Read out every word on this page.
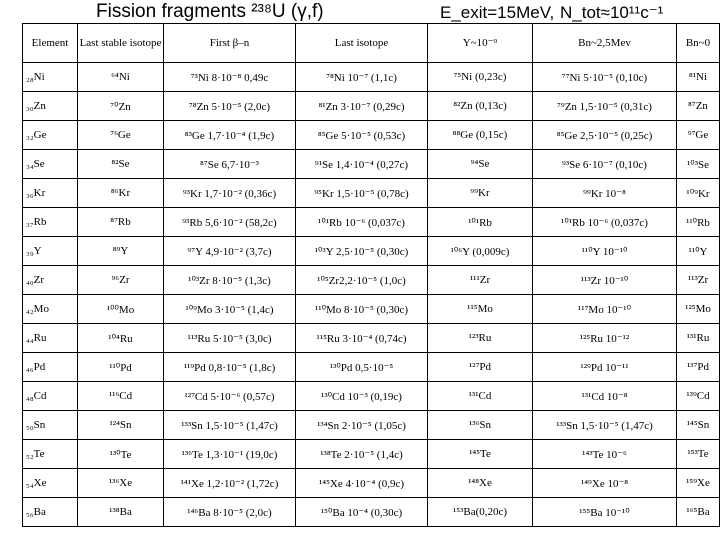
Fission fragments ²³⁸U (γ,f)	E_exit=15MeV, N_tot≈10¹¹c⁻¹
Element	Last stable isotope	First β–n	Last isotope	Y~10⁻⁹	Bn~2,5Mev	Bn~0
₂₈Ni	⁶⁴Ni	⁷³Ni 8·10⁻⁸ 0,49c	⁷⁸Ni 10⁻⁷ (1,1c)	⁷⁵Ni (0,23c)	⁷⁷Ni 5·10⁻⁵ (0,10c)	⁸¹Ni
₃₀Zn	⁷⁰Zn	⁷⁸Zn 5·10⁻⁵ (2,0c)	⁸¹Zn 3·10⁻⁷ (0,29c)	⁸²Zn (0,13c)	⁷⁹Zn 1,5·10⁻⁵ (0,31c)	⁸⁷Zn
₃₂Ge	⁷⁶Ge	⁸³Ge 1,7·10⁻⁴ (1,9c)	⁸⁵Ge 5·10⁻⁵ (0,53c)	⁸⁸Ge (0,15c)	⁸⁵Ge 2,5·10⁻⁵ (0,25c)	⁹⁷Ge
₃₄Se	⁸²Se	⁸⁷Se 6,7·10⁻³	⁹¹Se 1,4·10⁻⁴ (0,27c)	⁹⁴Se	⁹³Se 6·10⁻⁷ (0,10c)	¹⁰³Se
₃₆Kr	⁸⁶Kr	⁹³Kr 1,7·10⁻² (0,36c)	⁹⁵Kr 1,5·10⁻⁵ (0,78c)	⁹⁹Kr	⁹⁹Kr 10⁻⁸	¹⁰⁹Kr
₃₇Rb	⁸⁷Rb	⁹³Rb 5,6·10⁻² (58,2c)	¹⁰¹Rb 10⁻⁶ (0,037c)	¹⁰¹Rb	¹⁰¹Rb 10⁻⁶ (0,037c)	¹¹⁰Rb
₃₉Y	⁸⁹Y	⁹⁷Y 4,9·10⁻² (3,7c)	¹⁰³Y 2,5·10⁻⁵ (0,30c)	¹⁰⁶Y (0,009c)	¹¹⁰Y 10⁻¹⁰	¹¹⁰Y
₄₀Zr	⁹⁶Zr	¹⁰³Zr 8·10⁻⁵ (1,3c)	¹⁰⁵Zr2,2·10⁻⁵ (1,0c)	¹¹¹Zr	¹¹³Zr 10⁻¹⁰	¹¹³Zr
₄₂Mo	¹⁰⁰Mo	¹⁰⁹Mo 3·10⁻⁵ (1,4c)	¹¹⁰Mo 8·10⁻⁵ (0,30c)	¹¹⁵Mo	¹¹⁷Mo 10⁻¹⁰	¹²⁵Mo
₄₄Ru	¹⁰⁴Ru	¹¹³Ru 5·10⁻⁵ (3,0c)	¹¹⁵Ru 3·10⁻⁴ (0,74c)	¹²³Ru	¹²⁵Ru 10⁻¹²	¹³¹Ru
₄₆Pd	¹¹⁰Pd	¹¹⁹Pd 0,8·10⁻⁵ (1,8c)	¹³⁰Pd 0,5·10⁻⁵	¹²⁷Pd	¹²⁹Pd 10⁻¹¹	¹³⁷Pd
₄₈Cd	¹¹⁶Cd	¹²⁷Cd 5·10⁻⁶ (0,57c)	¹³⁰Cd 10⁻³ (0,19c)	¹³¹Cd	¹³¹Cd 10⁻⁸	¹³⁹Cd
₅₀Sn	¹²⁴Sn	¹³³Sn 1,5·10⁻⁵ (1,47c)	¹³⁴Sn 2·10⁻⁵ (1,05c)	¹³⁶Sn	¹³³Sn 1,5·10⁻⁵ (1,47c)	¹⁴⁵Sn
₅₂Te	¹³⁰Te	¹³⁶Te 1,3·10⁻¹ (19,0c)	¹³⁸Te 2·10⁻⁵ (1,4c)	¹⁴⁵Te	¹⁴³Te 10⁻⁶	¹⁵³Te
₅₄Xe	¹³⁶Xe	¹⁴¹Xe 1,2·10⁻² (1,72c)	¹⁴⁵Xe 4·10⁻⁴ (0,9c)	¹⁴⁸Xe	¹⁴⁹Xe 10⁻⁸	¹⁵⁹Xe
₅₆Ba	¹³⁸Ba	¹⁴⁶Ba 8·10⁻⁵ (2,0c)	¹⁵⁰Ba 10⁻⁴ (0,30c)	¹⁵³Ba(0,20c)	¹⁵⁵Ba 10⁻¹⁰	¹⁶⁵Ba
